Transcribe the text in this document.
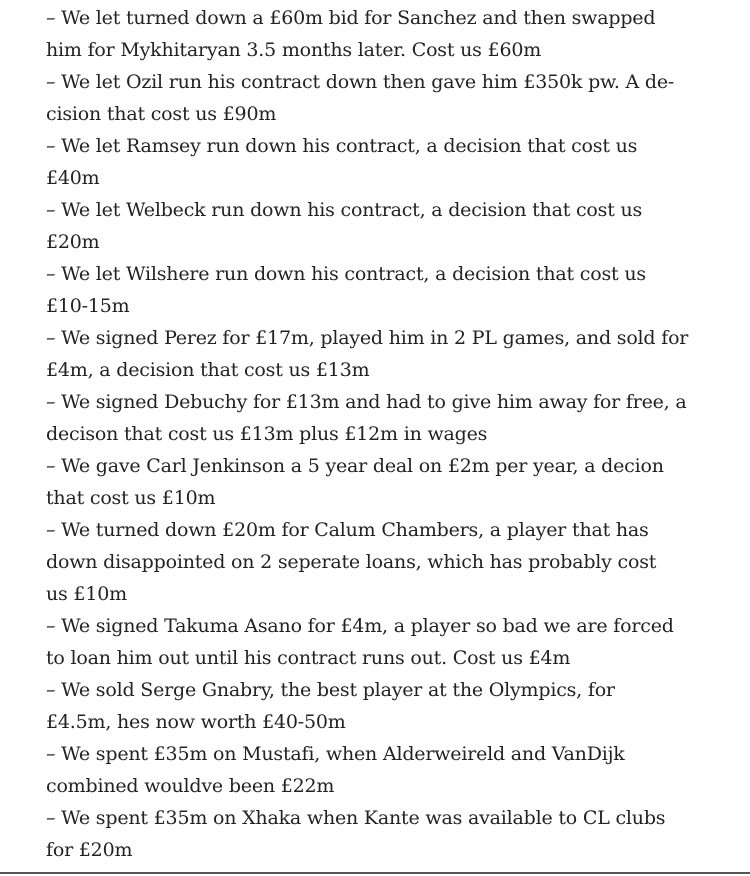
– We let turned down a £60m bid for Sanchez and then swapped
him for Mykhitaryan 3.5 months later. Cost us £60m
– We let Ozil run his contract down then gave him £350k pw. A de-
cision that cost us £90m
– We let Ramsey run down his contract, a decision that cost us
£40m
– We let Welbeck run down his contract, a decision that cost us
£20m
– We let Wilshere run down his contract, a decision that cost us
£10-15m
– We signed Perez for £17m, played him in 2 PL games, and sold for
£4m, a decision that cost us £13m
– We signed Debuchy for £13m and had to give him away for free, a
decison that cost us £13m plus £12m in wages
– We gave Carl Jenkinson a 5 year deal on £2m per year, a decion
that cost us £10m
– We turned down £20m for Calum Chambers, a player that has
down disappointed on 2 seperate loans, which has probably cost
us £10m
– We signed Takuma Asano for £4m, a player so bad we are forced
to loan him out until his contract runs out. Cost us £4m
– We sold Serge Gnabry, the best player at the Olympics, for
£4.5m, hes now worth £40-50m
– We spent £35m on Mustafi, when Alderweireld and VanDijk
combined wouldve been £22m
– We spent £35m on Xhaka when Kante was available to CL clubs
for £20m
